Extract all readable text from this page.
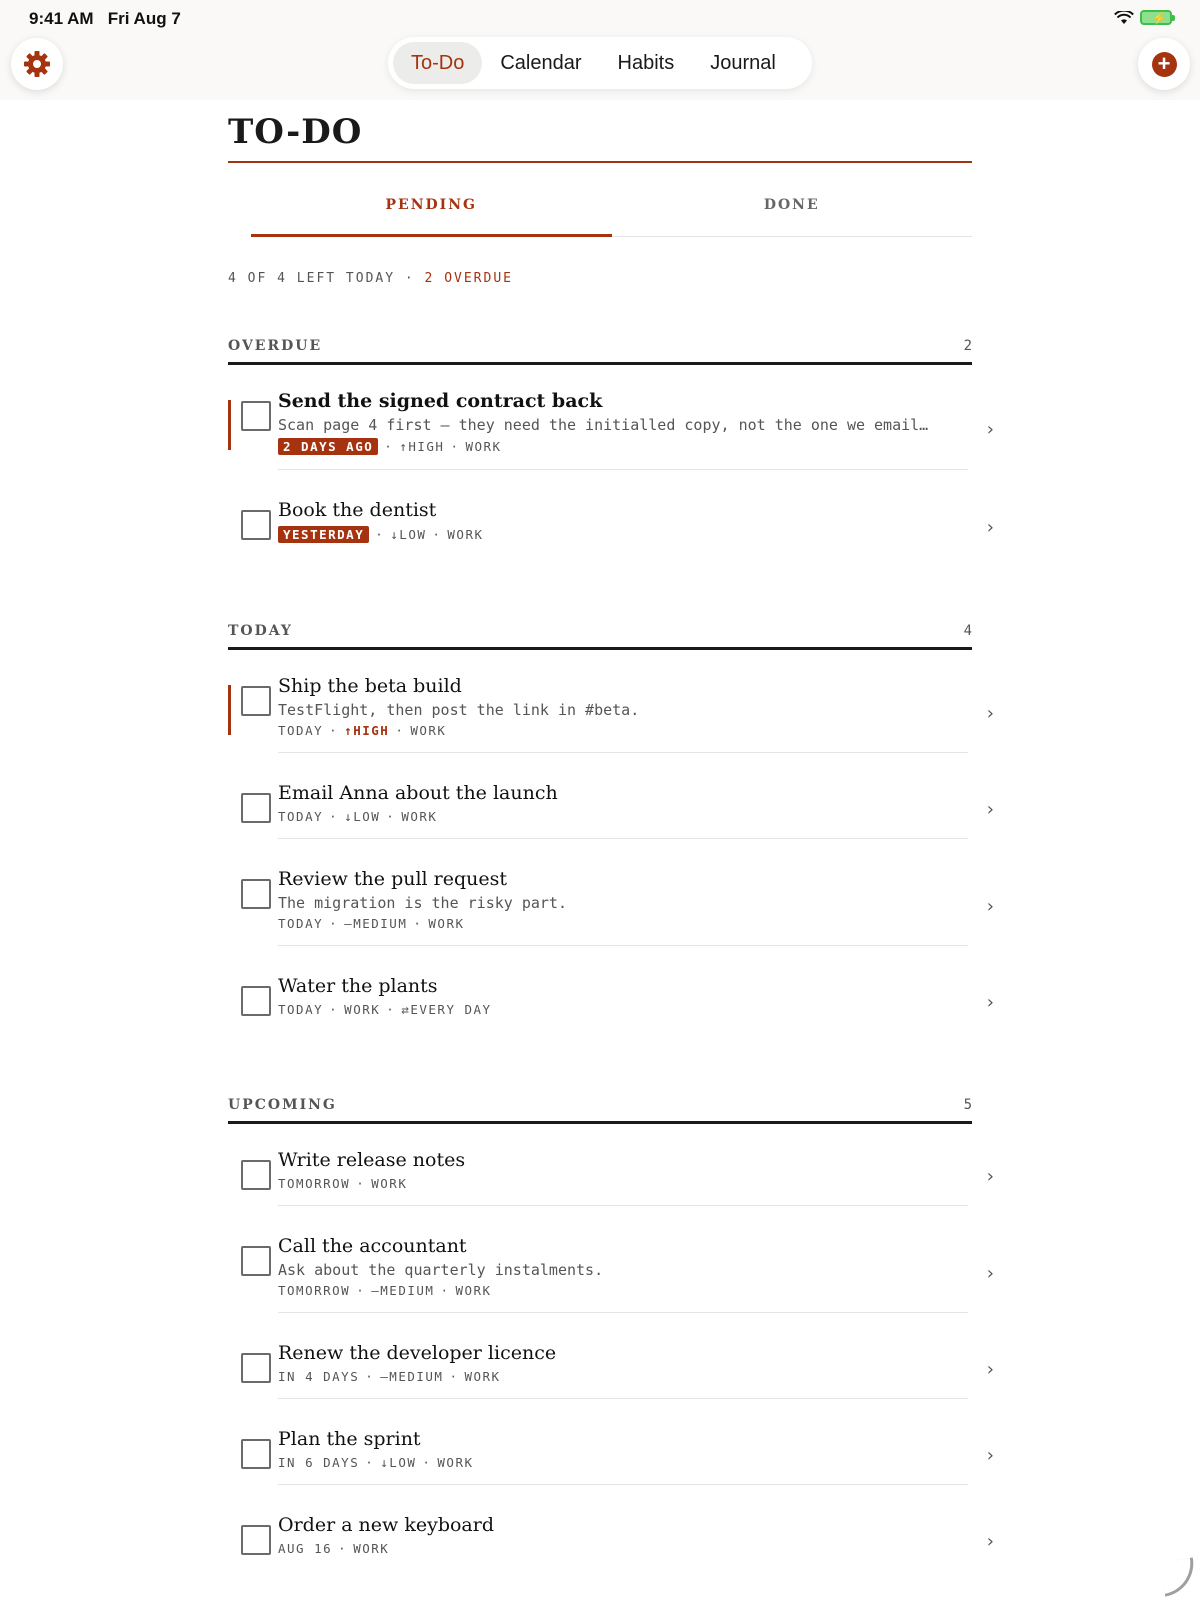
9:41 AM Fri Aug 7	⚡
To-Do	Calendar	Habits	Journal	+
TO-DO
PENDING	DONE
4 OF 4 LEFT TODAY · 2 OVERDUE
OVERDUE	2
Send the signed contract back
Scan page 4 first — they need the initialled copy, not the one we email…
2 DAYS AGO · ↑HIGH · WORK
›
Book the dentist
YESTERDAY · ↓LOW · WORK	›
TODAY	4
Ship the beta build
TestFlight, then post the link in #beta.
TODAY · ↑HIGH · WORK
›
Email Anna about the launch
TODAY · ↓LOW · WORK	›
Review the pull request
The migration is the risky part.
TODAY · —MEDIUM · WORK
›
Water the plants
TODAY · WORK · ⇄EVERY DAY	›
UPCOMING	5
Write release notes
TOMORROW · WORK	›
Call the accountant
Ask about the quarterly instalments.
TOMORROW · —MEDIUM · WORK
›
Renew the developer licence
IN 4 DAYS · —MEDIUM · WORK	›
Plan the sprint
IN 6 DAYS · ↓LOW · WORK	›
Order a new keyboard
AUG 16 · WORK	›
